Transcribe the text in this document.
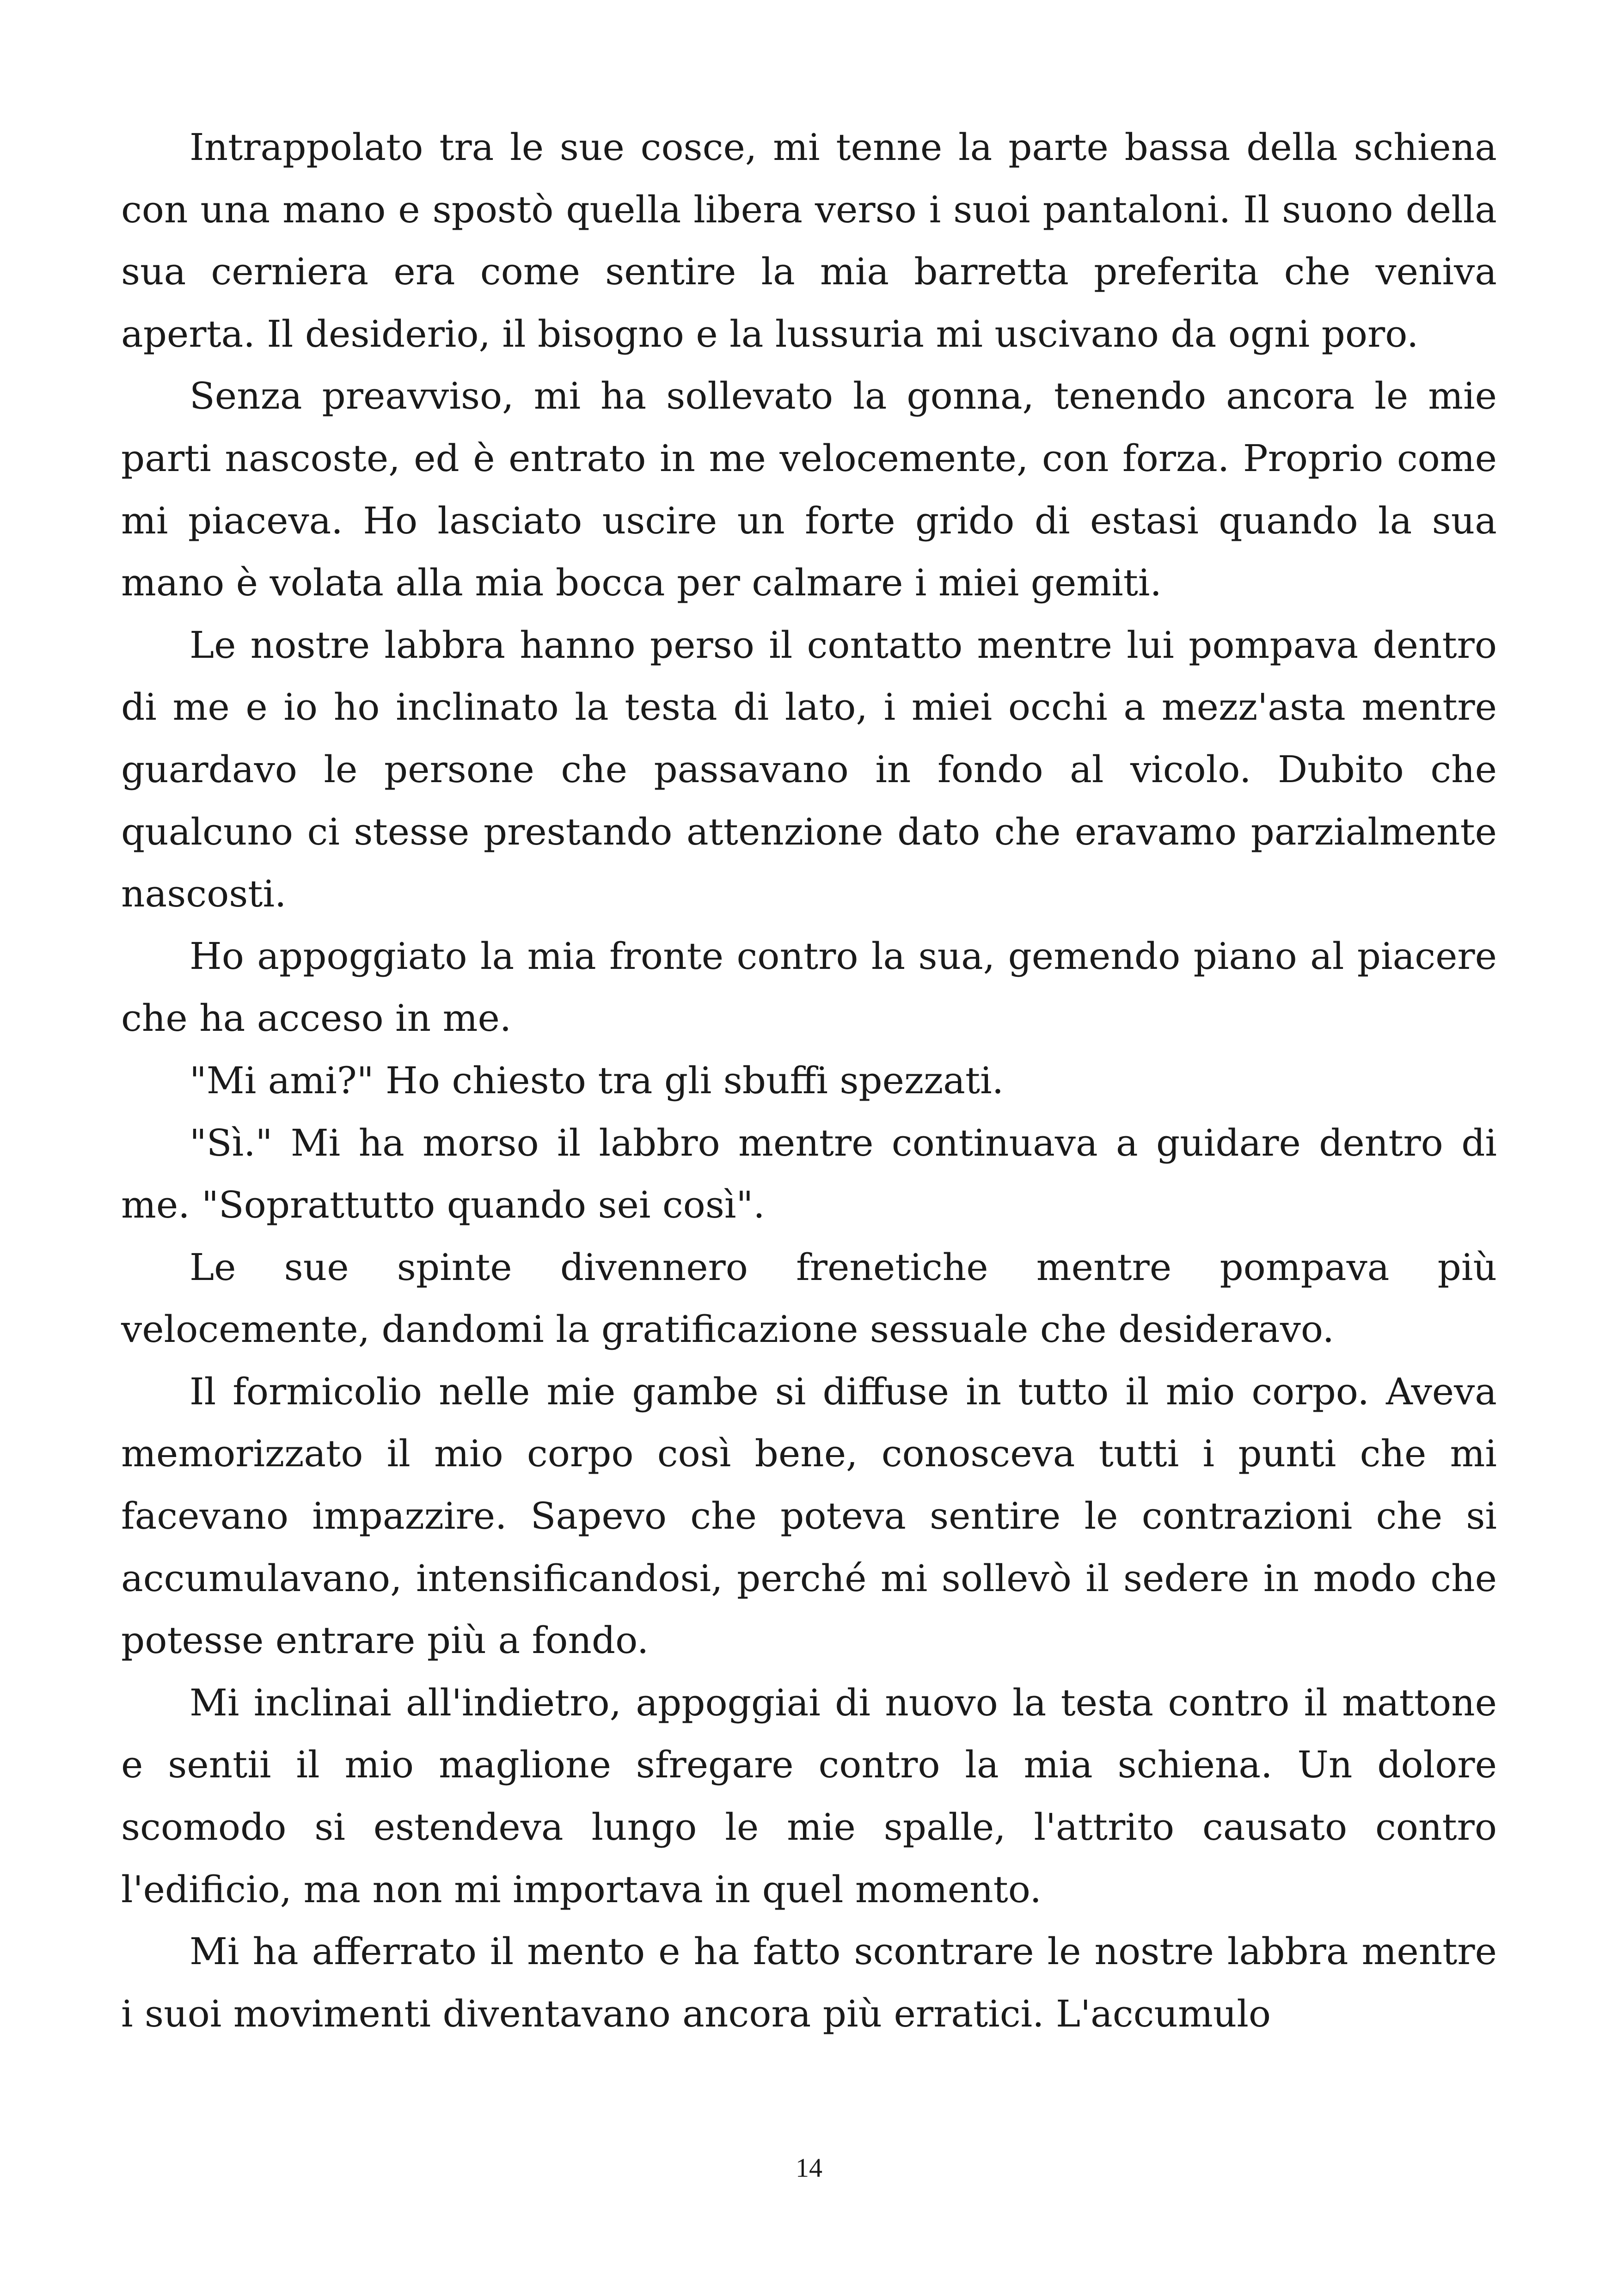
Intrappolato tra le sue cosce, mi tenne la parte bassa della schiena con una mano e spostò quella libera verso i suoi pantaloni. Il suono della sua cerniera era come sentire la mia barretta preferita che veniva aperta. Il desiderio, il bisogno e la lussuria mi uscivano da ogni poro.

Senza preavviso, mi ha sollevato la gonna, tenendo ancora le mie parti nascoste, ed è entrato in me velocemente, con forza. Proprio come mi piaceva. Ho lasciato uscire un forte grido di estasi quando la sua mano è volata alla mia bocca per calmare i miei gemiti.

Le nostre labbra hanno perso il contatto mentre lui pompava dentro di me e io ho inclinato la testa di lato, i miei occhi a mezz'asta mentre guardavo le persone che passavano in fondo al vicolo. Dubito che qualcuno ci stesse prestando attenzione dato che eravamo parzialmente nascosti.

Ho appoggiato la mia fronte contro la sua, gemendo piano al piacere che ha acceso in me.

"Mi ami?" Ho chiesto tra gli sbuffi spezzati.

"Sì." Mi ha morso il labbro mentre continuava a guidare dentro di me. "Soprattutto quando sei così".

Le sue spinte divennero frenetiche mentre pompava più velocemente, dandomi la gratificazione sessuale che desideravo.

Il formicolio nelle mie gambe si diffuse in tutto il mio corpo. Aveva memorizzato il mio corpo così bene, conosceva tutti i punti che mi facevano impazzire. Sapevo che poteva sentire le contrazioni che si accumulavano, intensificandosi, perché mi sollevò il sedere in modo che potesse entrare più a fondo.

Mi inclinai all'indietro, appoggiai di nuovo la testa contro il mattone e sentii il mio maglione sfregare contro la mia schiena. Un dolore scomodo si estendeva lungo le mie spalle, l'attrito causato contro l'edificio, ma non mi importava in quel momento.

Mi ha afferrato il mento e ha fatto scontrare le nostre labbra mentre i suoi movimenti diventavano ancora più erratici. L'accumulo

14
